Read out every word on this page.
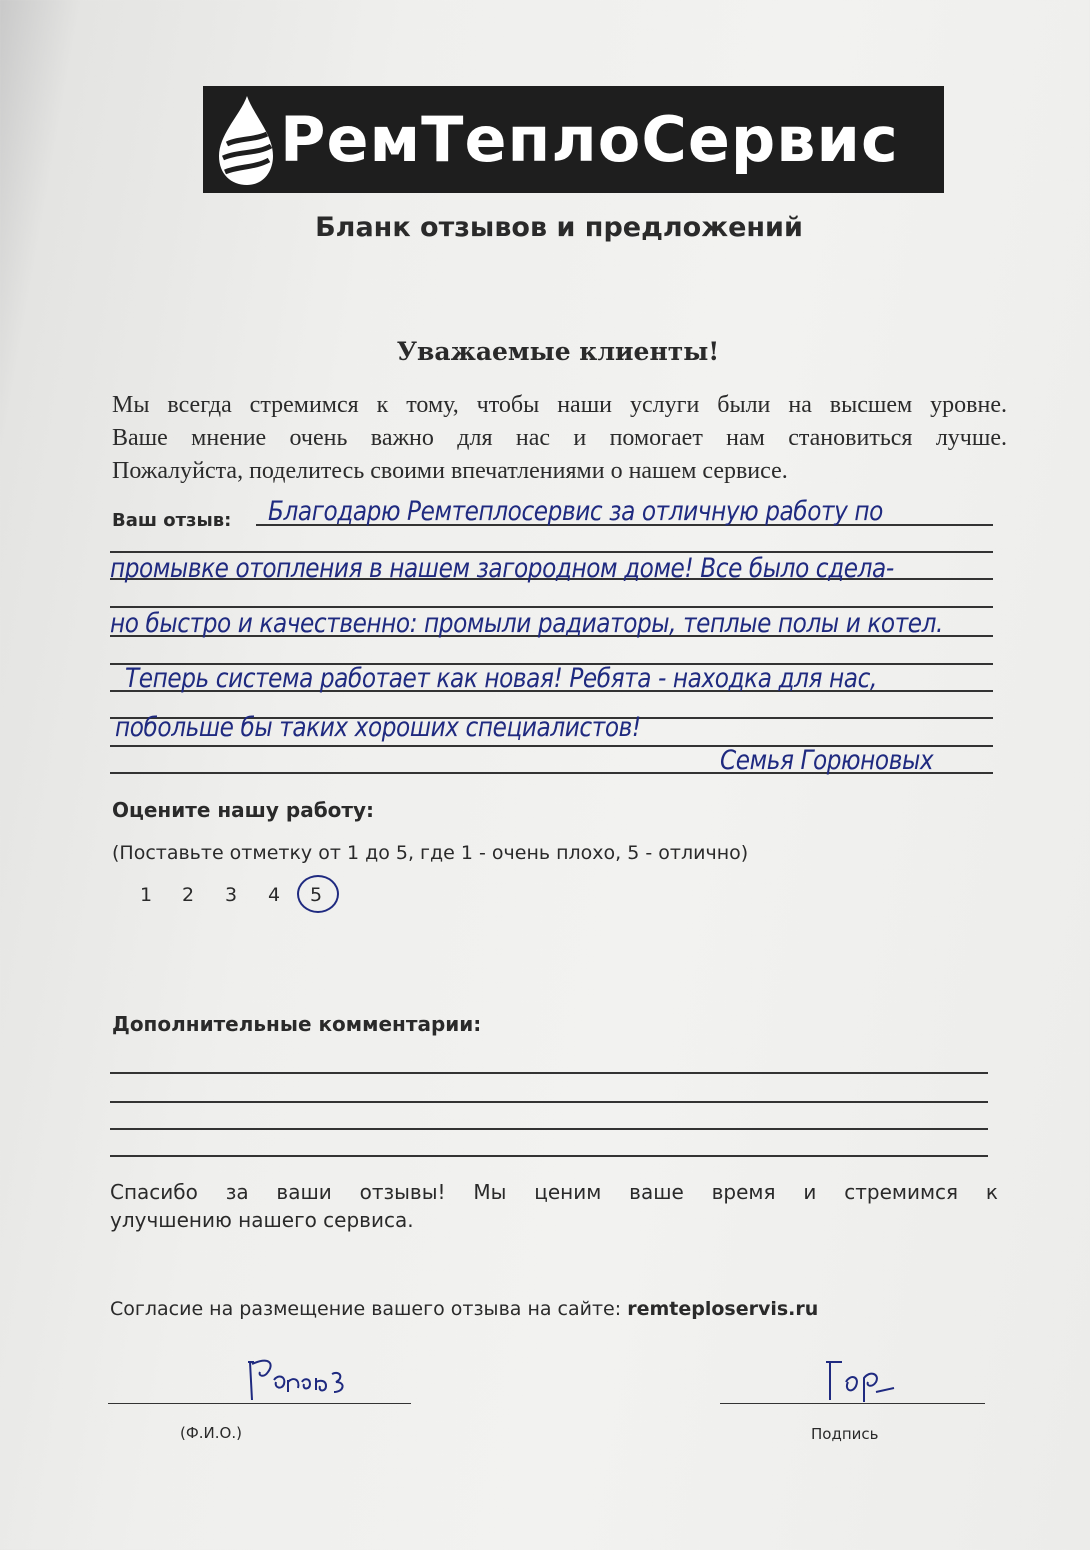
РемТеплоСервис
Бланк отзывов и предложений
Уважаемые клиенты!
Мы всегда стремимся к тому, чтобы наши услуги были на высшем уровне.
Ваше мнение очень важно для нас и помогает нам становиться лучше.
Пожалуйста, поделитесь своими впечатлениями о нашем сервисе.
Ваш отзыв: Благодарю Ремтеплосервис за отличную работу по
промывке отопления в нашем загородном доме! Все было сдела-
но быстро и качественно: промыли радиаторы, теплые полы и котел.
Теперь система работает как новая! Ребята - находка для нас,
побольше бы таких хороших специалистов!
Семья Горюновых
Оцените нашу работу:
(Поставьте отметку от 1 до 5, где 1 - очень плохо, 5 - отлично)
1 2 3 4 5
Дополнительные комментарии:
Спасибо за ваши отзывы! Мы ценим ваше время и стремимся к
улучшению нашего сервиса.
Согласие на размещение вашего отзыва на сайте: remteploservis.ru
(Ф.И.О.)	Подпись
